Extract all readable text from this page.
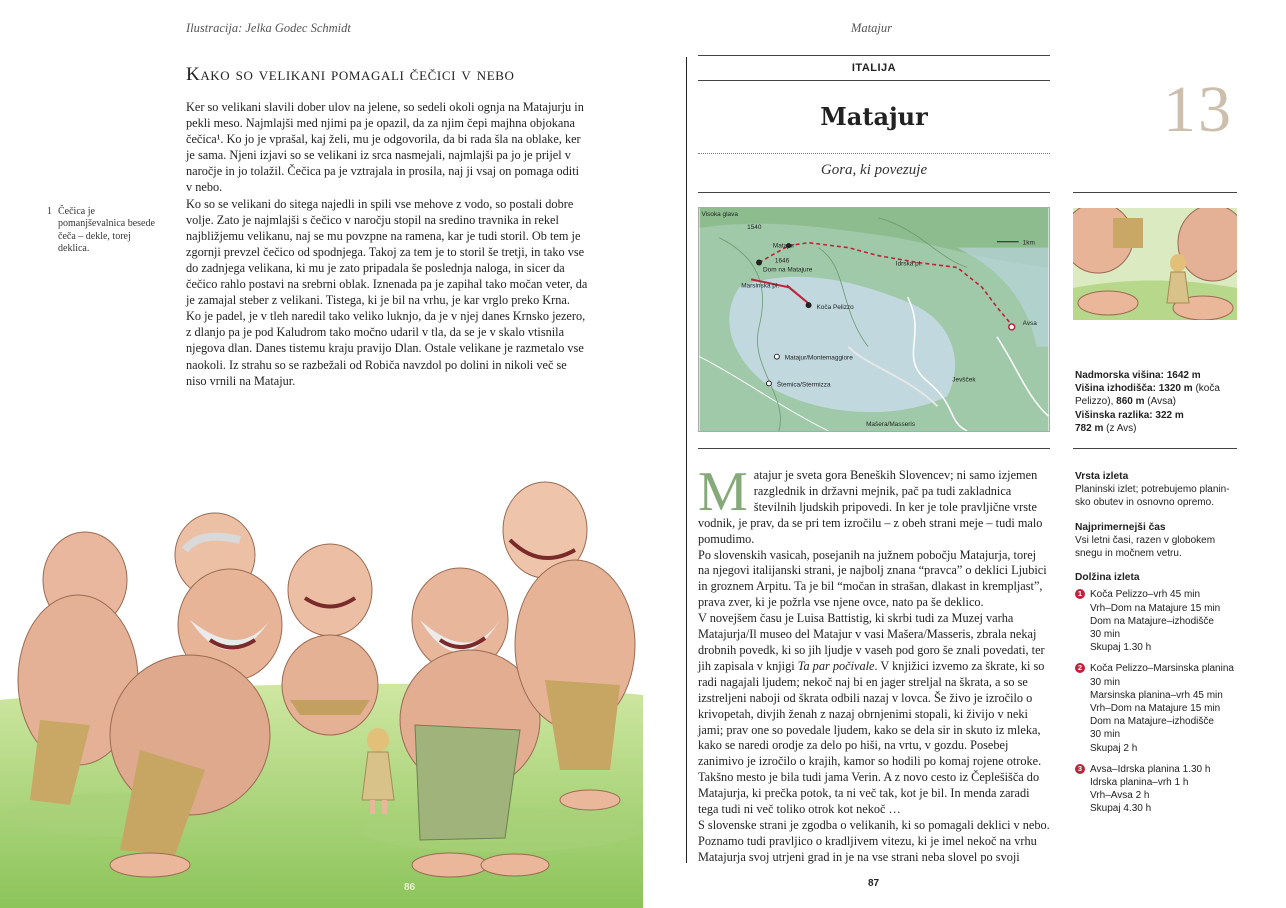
Ilustracija: Jelka Godec Schmidt
Kako so velikani pomagali čečici v nebo

Ker so velikani slavili dober ulov na jelene, so sedeli okoli ognja na Matajurju in pekli meso. Najmlajši med njimi pa je opazil, da za njim čepi majhna objokana čečica¹. Ko jo je vprašal, kaj želi, mu je odgovorila, da bi rada šla na oblake, ker je sama. Njeni izjavi so se velikani iz srca nasmejali, najmlajši pa jo je prijel v naročje in jo tolažil. Čečica pa je vztrajala in prosila, naj ji vsaj on pomaga oditi v nebo.

Ko so se velikani do sitega najedli in spili vse mehove z vodo, so postali dobre volje. Zato je najmlajši s čečico v naročju stopil na sredino travnika in rekel najbližjemu velikanu, naj se mu povzpne na ramena, kar je tudi storil. Ob tem je zgornji prevzel čečico od spodnjega. Takoj za tem je to storil še tretji, in tako vse do zadnjega velikana, ki mu je zato pripadala še poslednja naloga, in sicer da čečico rahlo postavi na srebrni oblak. Iznenada pa je zapihal tako močan veter, da je zamajal steber z velikani. Tistega, ki je bil na vrhu, je kar vrglo preko Krna. Ko je padel, je v tleh naredil tako veliko luknjo, da je v njej danes Krnsko jezero, z dlanjo pa je pod Kaludrom tako močno udaril v tla, da se je v skalo vtisnila njegova dlan. Danes tistemu kraju pravijo Dlan. Ostale velikane je razmetalo vse naokoli. Iz strahu so se razbežali od Robiča navzdol po dolini in nikoli več se niso vrnili na Matajur.

1 Čečica je pomanjševalnica besede čeča – dekle, torej deklica.
86
Matajur
ITALIJA
Matajur
Gora, ki povezuje
Visoka glava
1540
Matajur
1646
Dom na Matajure
Marsinska pl.
Koča Pelizzo
Idrska pl.
Avsa
Matajur/Montemaggiore
Jevšček
Štemica/Stermizza
Mašera/Masseris
1km

Matajur je sveta gora Beneških Slovencev; ni samo izjemen razglednik in državni mejnik, pač pa tudi zakladnica številnih ljudskih pripovedi. In ker je tole pravljične vrste vodnik, je prav, da se pri tem izročilu – z obeh strani meje – tudi malo pomudimo.

Po slovenskih vasicah, posejanih na južnem pobočju Matajurja, torej na njegovi italijanski strani, je najbolj znana “pravca” o deklici Ljubici in groznem Arpitu. Ta je bil “močan in strašan, dlakast in krempljast”, prava zver, ki je požrla vse njene ovce, nato pa še deklico.

V novejšem času je Luisa Battistig, ki skrbi tudi za Muzej varha Matajurja/Il museo del Matajur v vasi Mašera/Masseris, zbrala nekaj drobnih povedk, ki so jih ljudje v vaseh pod goro še znali povedati, ter jih zapisala v knjigi Ta par počivale. V knjižici izvemo za škrate, ki so radi nagajali ljudem; nekoč naj bi en jager streljal na škrata, a so se izstreljeni naboji od škrata odbili nazaj v lovca. Še živo je izročilo o krivopetah, divjih ženah z nazaj obrnjenimi stopali, ki živijo v neki jami; prav one so povedale ljudem, kako se dela sir in skuto iz mleka, kako se naredi orodje za delo po hiši, na vrtu, v gozdu. Posebej zanimivo je izročilo o krajih, kamor so hodili po komaj rojene otroke. Takšno mesto je bila tudi jama Verin. A z novo cesto iz Čeplešišča do Matajurja, ki prečka potok, ta ni več tak, kot je bil. In menda zaradi tega tudi ni več toliko otrok kot nekoč …

S slovenske strani je zgodba o velikanih, ki so pomagali deklici v nebo. Poznamo tudi pravljico o kradljivem vitezu, ki je imel nekoč na vrhu Matajurja svoj utrjeni grad in je na vse strani neba slovel po svoji

13
Nadmorska višina: 1642 m
Višina izhodišča: 1320 m (koča Pelizzo), 860 m (Avsa)
Višinska razlika: 322 m
782 m (z Avs)
Vrsta izleta
Planinski izlet; potrebujemo planinsko obutev in osnovno opremo.
Najprimernejši čas
Vsi letni časi, razen v globokem snegu in močnem vetru.
Dolžina izleta
1 Koča Pelizzo–vrh 45 min
Vrh–Dom na Matajure 15 min
Dom na Matajure–izhodišče
30 min
Skupaj 1.30 h
2 Koča Pelizzo–Marsinska planina
30 min
Marsinska planina–vrh 45 min
Vrh–Dom na Matajure 15 min
Dom na Matajure–izhodišče
30 min
Skupaj 2 h
3 Avsa–Idrska planina 1.30 h
Idrska planina–vrh 1 h
Vrh–Avsa 2 h
Skupaj 4.30 h
87
